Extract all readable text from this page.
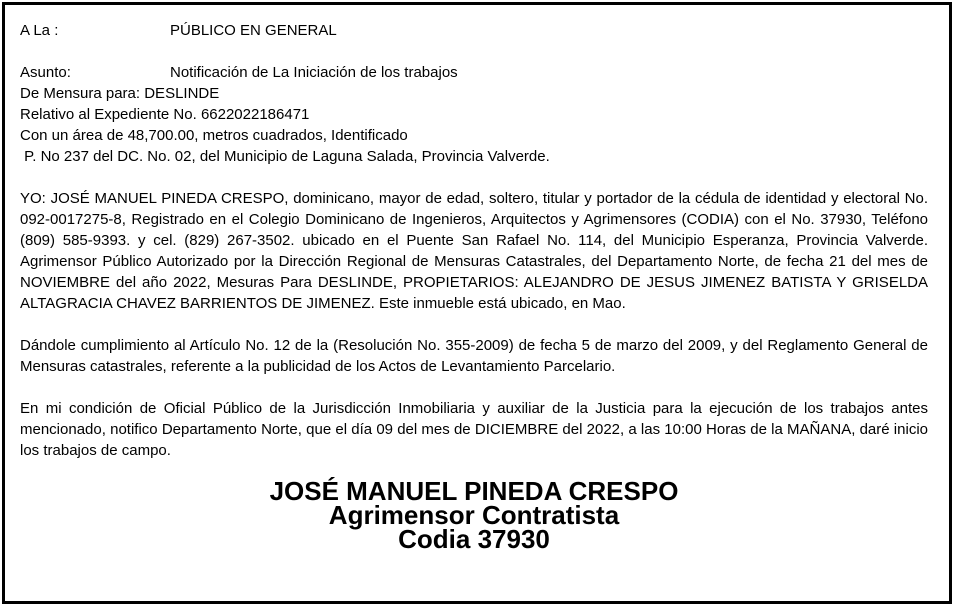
A La :	PÚBLICO EN GENERAL
Asunto:	Notificación de La Iniciación de los trabajos
De Mensura para: DESLINDE
Relativo al Expediente No. 6622022186471
Con un área de 48,700.00, metros cuadrados, Identificado
P. No 237 del DC. No. 02, del Municipio de Laguna Salada, Provincia Valverde.

YO: JOSÉ MANUEL PINEDA CRESPO, dominicano, mayor de edad, soltero, titular y portador de la cédula de identidad y electoral No. 092-0017275-8, Registrado en el Colegio Dominicano de Ingenieros, Arquitectos y Agrimensores (CODIA) con el No. 37930, Teléfono (809) 585-9393. y cel. (829) 267-3502. ubicado en el Puente San Rafael No. 114, del Municipio Esperanza, Provincia Valverde. Agrimensor Público Autorizado por la Dirección Regional de Mensuras Catastrales, del Departamento Norte, de fecha 21 del mes de NOVIEMBRE del año 2022, Mesuras Para DESLINDE, PROPIETARIOS: ALEJANDRO DE JESUS JIMENEZ BATISTA Y GRISELDA ALTAGRACIA CHAVEZ BARRIENTOS DE JIMENEZ. Este inmueble está ubicado, en Mao.

Dándole cumplimiento al Artículo No. 12 de la (Resolución No. 355-2009) de fecha 5 de marzo del 2009, y del Reglamento General de Mensuras catastrales, referente a la publicidad de los Actos de Levantamiento Parcelario.

En mi condición de Oficial Público de la Jurisdicción Inmobiliaria y auxiliar de la Justicia para la ejecución de los trabajos antes mencionado, notifico Departamento Norte, que el día 09 del mes de DICIEMBRE del 2022, a las 10:00 Horas de la MAÑANA, daré inicio los trabajos de campo.

JOSÉ MANUEL PINEDA CRESPO
Agrimensor Contratista
Codia 37930
